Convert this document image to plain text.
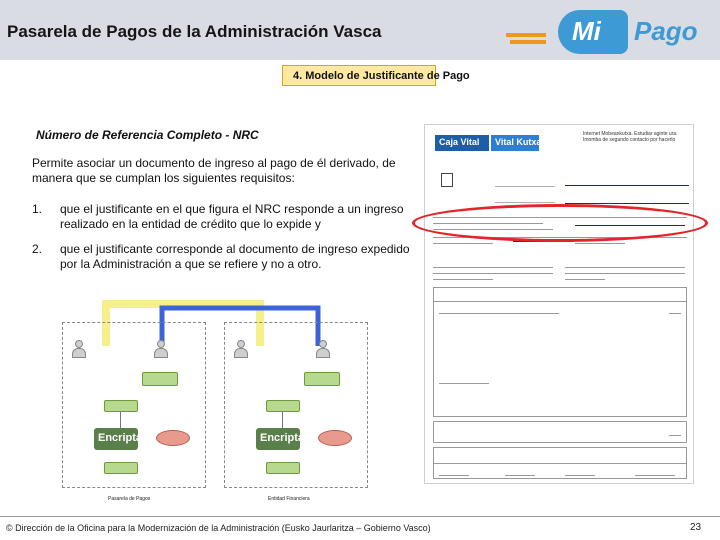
Pasarela de Pagos de la Administración Vasca	Mi Pago
4. Modelo de Justificante de Pago
Número de Referencia Completo - NRC
Permite asociar un documento de ingreso al pago de él derivado, de manera que se cumplan los siguientes requisitos:
1. que el justificante en el que figura el NRC responde a un ingreso realizado en la entidad de crédito que lo expide y
2. que el justificante corresponde al documento de ingreso expedido por la Administración a que se refiere y no a otro.
Caja Vital	Vital Kutxa
Internet Mobeankutxa. Estudiar aginte ura. Imomba de segundo contacto por hacerlo
Encriptar
Pasarela de Pagos
Encriptar
Entidad Financiera
© Dirección de la Oficina para la Modernización de la Administración (Eusko Jaurlaritza – Gobierno Vasco)	23
